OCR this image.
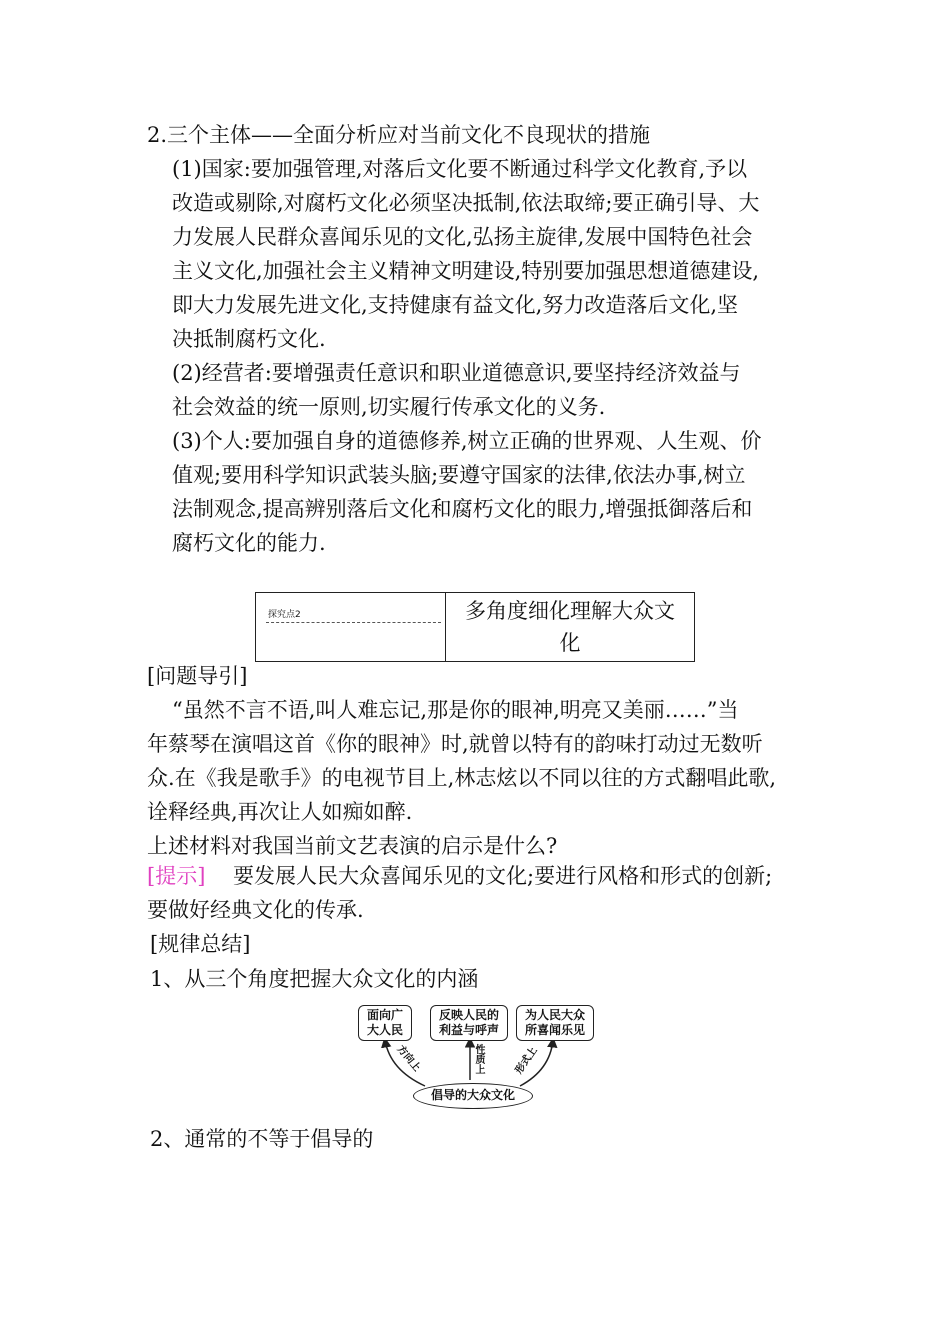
2.三个主体——全面分析应对当前文化不良现状的措施
(1)国家:要加强管理,对落后文化要不断通过科学文化教育,予以
改造或剔除,对腐朽文化必须坚决抵制,依法取缔;要正确引导、大
力发展人民群众喜闻乐见的文化,弘扬主旋律,发展中国特色社会
主义文化,加强社会主义精神文明建设,特别要加强思想道德建设,
即大力发展先进文化,支持健康有益文化,努力改造落后文化,坚
决抵制腐朽文化.
(2)经营者:要增强责任意识和职业道德意识,要坚持经济效益与
社会效益的统一原则,切实履行传承文化的义务.
(3)个人:要加强自身的道德修养,树立正确的世界观、人生观、价
值观;要用科学知识武装头脑;要遵守国家的法律,依法办事,树立
法制观念,提高辨别落后文化和腐朽文化的眼力,增强抵御落后和
腐朽文化的能力.
探究点2	多角度细化理解大众文
化
[问题导引]
“虽然不言不语,叫人难忘记,那是你的眼神,明亮又美丽……”当
年蔡琴在演唱这首《你的眼神》时,就曾以特有的韵味打动过无数听
众.在《我是歌手》的电视节目上,林志炫以不同以往的方式翻唱此歌,
诠释经典,再次让人如痴如醉.
上述材料对我国当前文艺表演的启示是什么?
[提示] 要发展人民大众喜闻乐见的文化;要进行风格和形式的创新;
要做好经典文化的传承.
[规律总结]
1、从三个角度把握大众文化的内涵
面向广
大人民
反映人民的
利益与呼声
为人民大众
所喜闻乐见
方向上	性质上	形式上
倡导的大众文化
2、通常的不等于倡导的
